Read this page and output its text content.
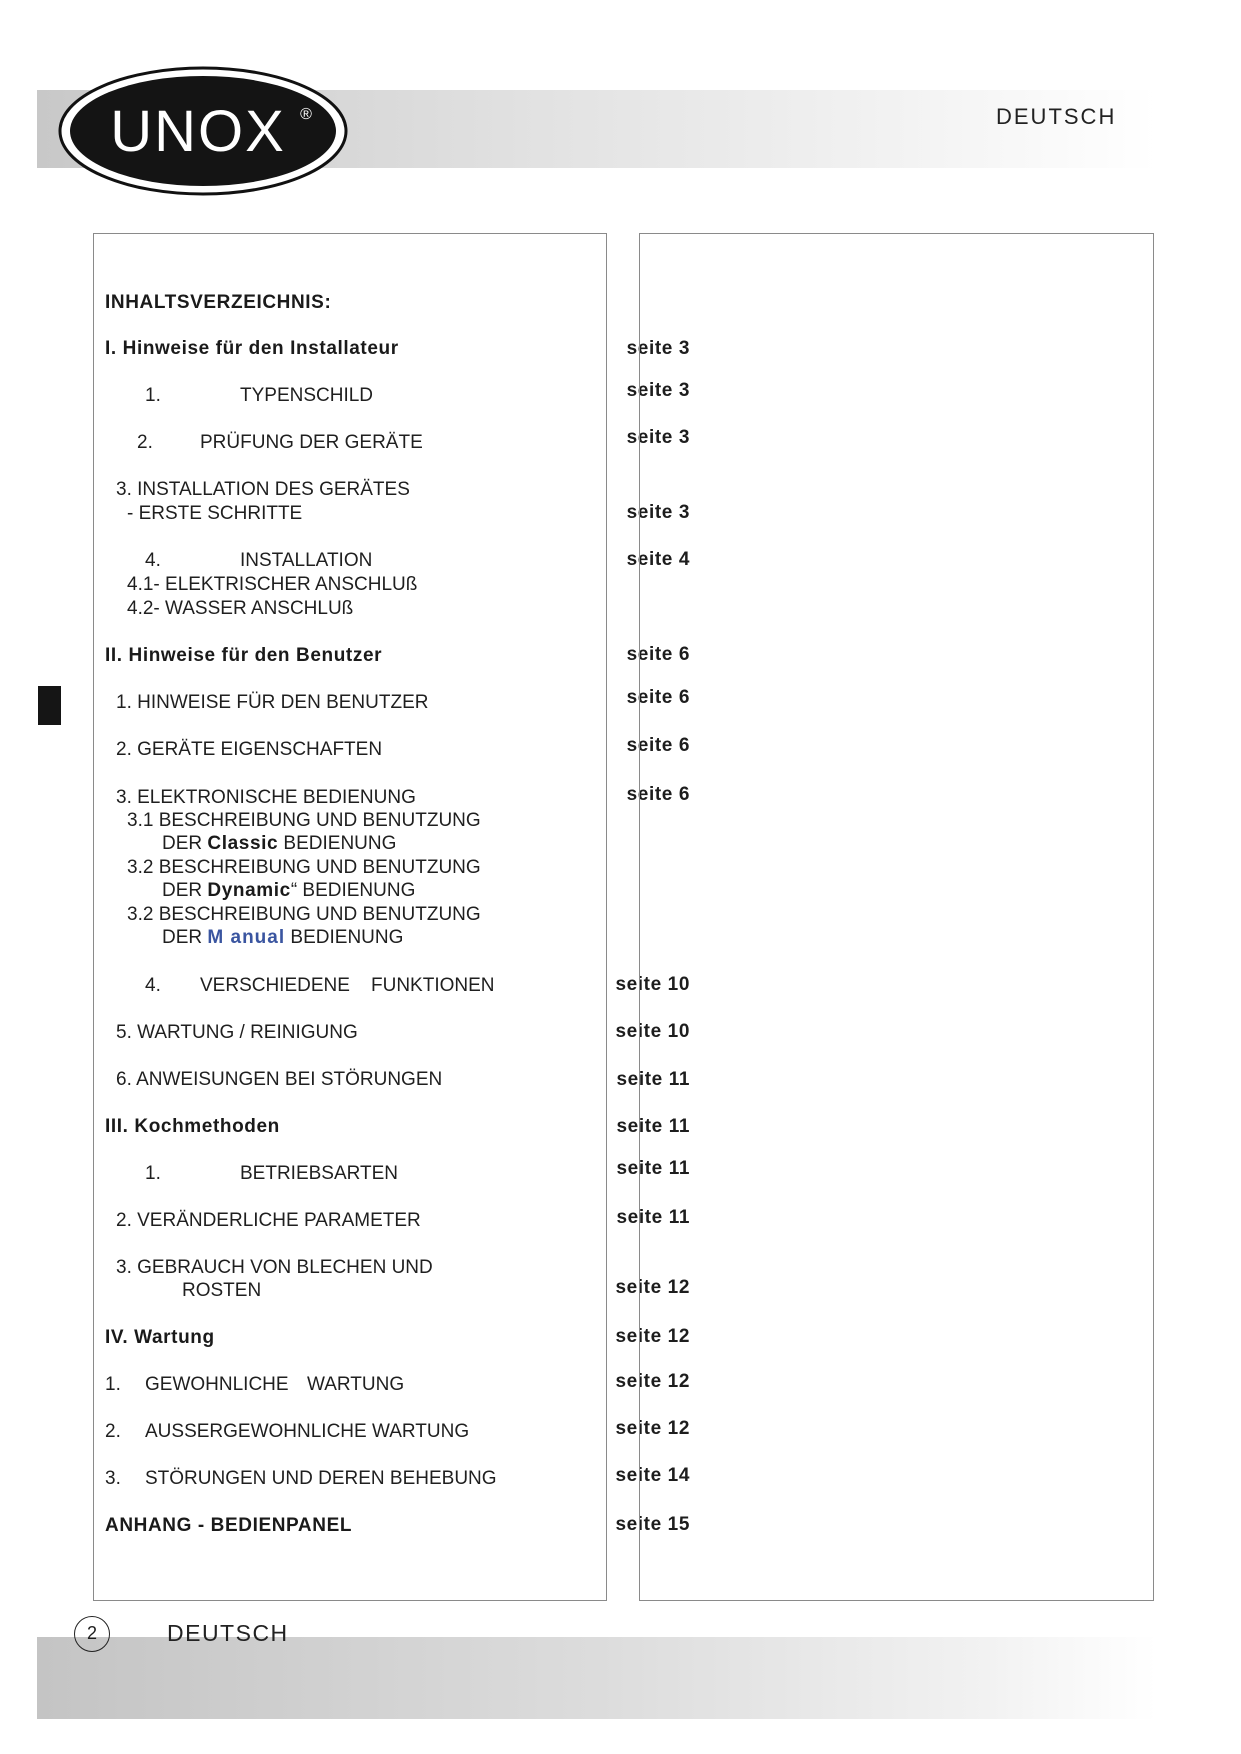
UNOX ®	DEUTSCH
INHALTSVERZEICHNIS:
I. Hinweise für den Installateur	seite 3
1.	TYPENSCHILD	seite 3
2. PRÜFUNG DER GERÄTE	seite 3
3. INSTALLATION DES GERÄTES
- ERSTE SCHRITTE	seite 3
4.	INSTALLATION	seite 4
4.1- ELEKTRISCHER ANSCHLUß
4.2- WASSER ANSCHLUß
II. Hinweise für den Benutzer	seite 6
1. HINWEISE FÜR DEN BENUTZER	seite 6
2. GERÄTE EIGENSCHAFTEN	seite 6
3. ELEKTRONISCHE BEDIENUNG	seite 6
3.1 BESCHREIBUNG UND BENUTZUNG
DER Classic BEDIENUNG
3.2 BESCHREIBUNG UND BENUTZUNG
DER Dynamic“ BEDIENUNG
3.2 BESCHREIBUNG UND BENUTZUNG
DER M anual BEDIENUNG
4. VERSCHIEDENE FUNKTIONEN	seite 10
5. WARTUNG / REINIGUNG	seite 10
6. ANWEISUNGEN BEI STÖRUNGEN	seite 11
III. Kochmethoden	seite 11
1.	BETRIEBSARTEN	seite 11
2. VERÄNDERLICHE PARAMETER	seite 11
3. GEBRAUCH VON BLECHEN UND
ROSTEN	seite 12
IV. Wartung	seite 12
1. GEWOHNLICHE WARTUNG	seite 12
2. AUSSERGEWOHNLICHE WARTUNG	seite 12
3. STÖRUNGEN UND DEREN BEHEBUNG	seite 14
ANHANG - BEDIENPANEL	seite 15
2	DEUTSCH
